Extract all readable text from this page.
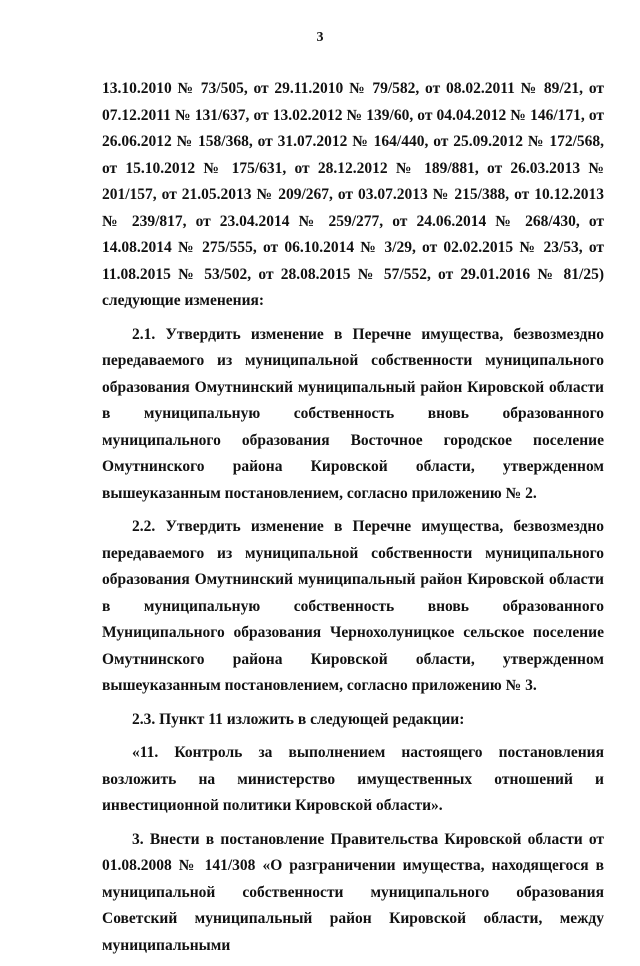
3

13.10.2010 № 73/505, от 29.11.2010 № 79/582, от 08.02.2011 № 89/21, от 07.12.2011 № 131/637, от 13.02.2012 № 139/60, от 04.04.2012 № 146/171, от 26.06.2012 № 158/368, от 31.07.2012 № 164/440, от 25.09.2012 № 172/568, от 15.10.2012 № 175/631, от 28.12.2012 № 189/881, от 26.03.2013 № 201/157, от 21.05.2013 № 209/267, от 03.07.2013 № 215/388, от 10.12.2013 № 239/817, от 23.04.2014 № 259/277, от 24.06.2014 № 268/430, от 14.08.2014 № 275/555, от 06.10.2014 № 3/29, от 02.02.2015 № 23/53, от 11.08.2015 № 53/502, от 28.08.2015 № 57/552, от 29.01.2016 № 81/25) следующие изменения:

2.1. Утвердить изменение в Перечне имущества, безвозмездно передаваемого из муниципальной собственности муниципального образования Омутнинский муниципальный район Кировской области в муниципальную собственность вновь образованного муниципального образования Восточное городское поселение Омутнинского района Кировской области, утвержденном вышеуказанным постановлением, согласно приложению № 2.

2.2. Утвердить изменение в Перечне имущества, безвозмездно передаваемого из муниципальной собственности муниципального образования Омутнинский муниципальный район Кировской области в муниципальную собственность вновь образованного Муниципального образования Чернохолуницкое сельское поселение Омутнинского района Кировской области, утвержденном вышеуказанным постановлением, согласно приложению № 3.

2.3. Пункт 11 изложить в следующей редакции:

«11. Контроль за выполнением настоящего постановления возложить на министерство имущественных отношений и инвестиционной политики Кировской области».

3. Внести в постановление Правительства Кировской области от 01.08.2008 № 141/308 «О разграничении имущества, находящегося в муниципальной собственности муниципального образования Советский муниципальный район Кировской области, между муниципальными
